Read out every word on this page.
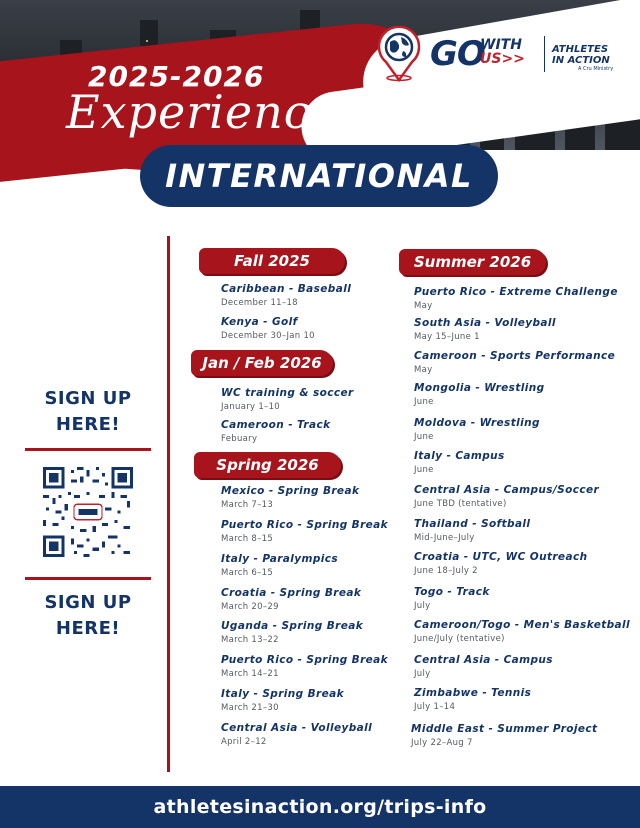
2025-2026
Experiences
INTERNATIONAL
GO
WITH
US>>
ATHLETES IN ACTION
A Cru Ministry
SIGN UP HERE!
SIGN UP HERE!
Fall 2025
Caribbean - Baseball
December 11–18
Kenya - Golf
December 30–Jan 10
Jan / Feb 2026
WC training & soccer
January 1–10
Cameroon - Track
Febuary
Spring 2026
Mexico - Spring Break
March 7–13
Puerto Rico - Spring Break
March 8–15
Italy - Paralympics
March 6–15
Croatia - Spring Break
March 20–29
Uganda - Spring Break
March 13–22
Puerto Rico - Spring Break
March 14–21
Italy - Spring Break
March 21–30
Central Asia - Volleyball
April 2–12
Summer 2026
Puerto Rico - Extreme Challenge
May
South Asia - Volleyball
May 15–June 1
Cameroon - Sports Performance
May
Mongolia - Wrestling
June
Moldova - Wrestling
June
Italy - Campus
June
Central Asia - Campus/Soccer
June TBD (tentative)
Thailand - Softball
Mid-June–July
Croatia - UTC, WC Outreach
June 18–July 2
Togo - Track
July
Cameroon/Togo - Men's Basketball
June/July (tentative)
Central Asia - Campus
July
Zimbabwe - Tennis
July 1–14
Middle East - Summer Project
July 22–Aug 7
athletesinaction.org/trips-info
